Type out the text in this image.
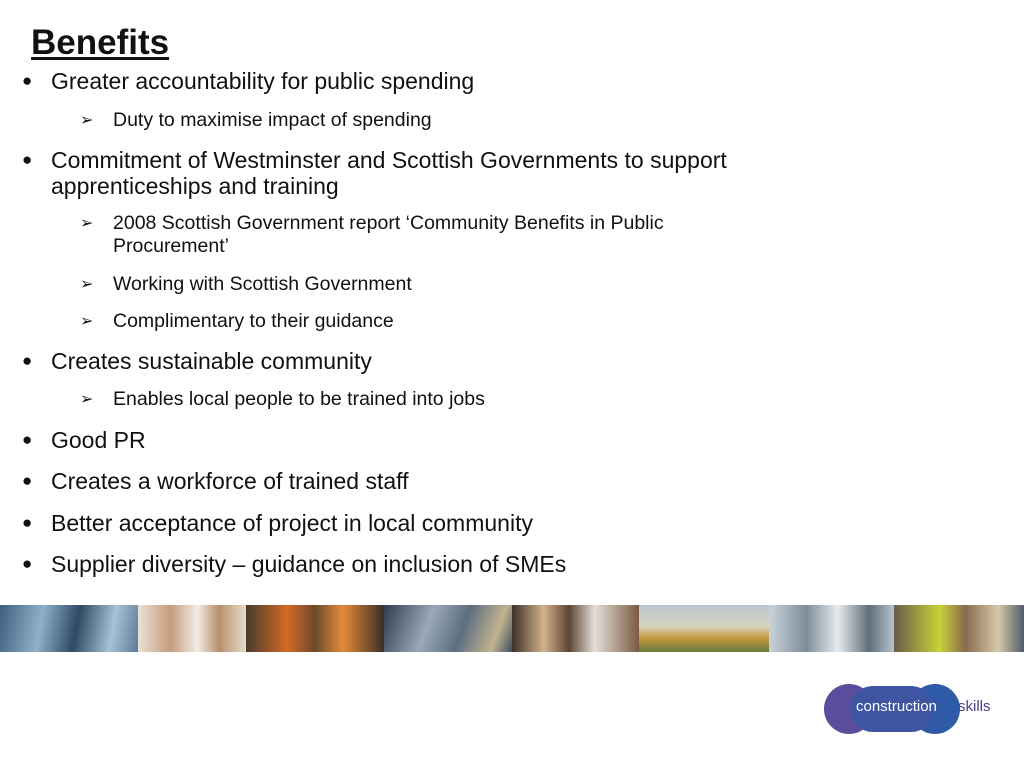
Benefits
● Greater accountability for public spending
➢	Duty to maximise impact of spending
● Commitment of Westminster and Scottish Governments to support apprenticeships and training
➢	2008 Scottish Government report ‘Community Benefits in Public Procurement’
➢	Working with Scottish Government
➢	Complimentary to their guidance
● Creates sustainable community
➢	Enables local people to be trained into jobs
● Good PR
● Creates a workforce of trained staff
● Better acceptance of project in local community
● Supplier diversity – guidance on inclusion of SMEs
construction skills
